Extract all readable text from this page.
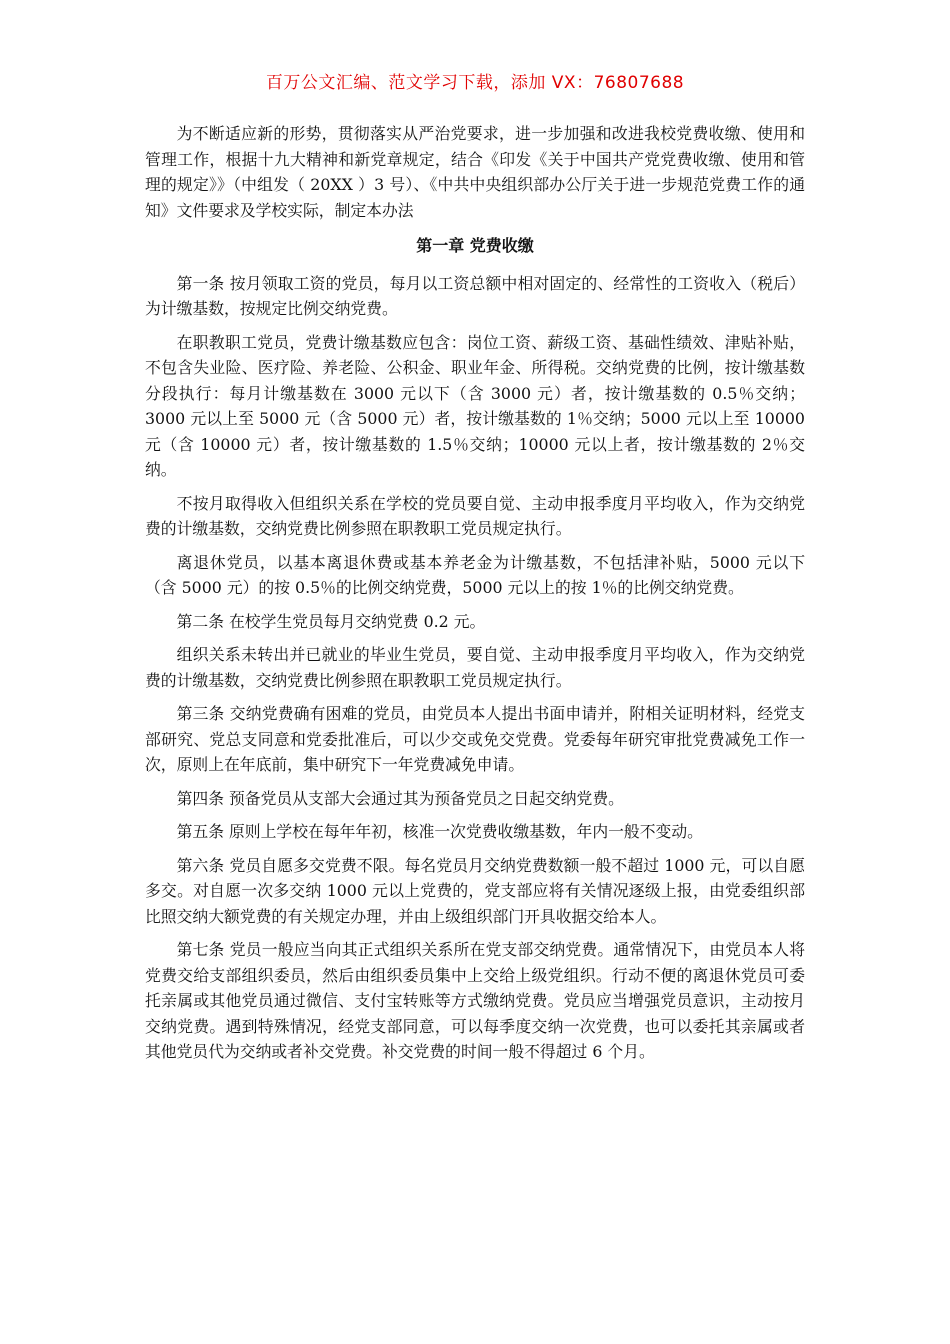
百万公文汇编、范文学习下载，添加 VX：76807688

为不断适应新的形势，贯彻落实从严治党要求，进一步加强和改进我校党费收缴、使用和管理工作，根据十九大精神和新党章规定，结合《印发《关于中国共产党党费收缴、使用和管理的规定》》（中组发（ 20XX ）3 号）、《中共中央组织部办公厅关于进一步规范党费工作的通知》文件要求及学校实际，制定本办法

第一章 党费收缴

第一条 按月领取工资的党员，每月以工资总额中相对固定的、经常性的工资收入（税后）为计缴基数，按规定比例交纳党费。

在职教职工党员，党费计缴基数应包含：岗位工资、薪级工资、基础性绩效、津贴补贴，不包含失业险、医疗险、养老险、公积金、职业年金、所得税。交纳党费的比例，按计缴基数分段执行：每月计缴基数在 3000 元以下（含 3000 元）者，按计缴基数的 0.5％交纳；3000 元以上至 5000 元（含 5000 元）者，按计缴基数的 1％交纳；5000 元以上至 10000 元（含 10000 元）者，按计缴基数的 1.5％交纳；10000 元以上者，按计缴基数的 2％交纳。

不按月取得收入但组织关系在学校的党员要自觉、主动申报季度月平均收入，作为交纳党费的计缴基数，交纳党费比例参照在职教职工党员规定执行。

离退休党员，以基本离退休费或基本养老金为计缴基数，不包括津补贴，5000 元以下（含 5000 元）的按 0.5％的比例交纳党费，5000 元以上的按 1％的比例交纳党费。

第二条 在校学生党员每月交纳党费 0.2 元。

组织关系未转出并已就业的毕业生党员，要自觉、主动申报季度月平均收入，作为交纳党费的计缴基数，交纳党费比例参照在职教职工党员规定执行。

第三条 交纳党费确有困难的党员，由党员本人提出书面申请并，附相关证明材料，经党支部研究、党总支同意和党委批准后，可以少交或免交党费。党委每年研究审批党费减免工作一次，原则上在年底前，集中研究下一年党费减免申请。

第四条 预备党员从支部大会通过其为预备党员之日起交纳党费。

第五条 原则上学校在每年年初，核准一次党费收缴基数，年内一般不变动。

第六条 党员自愿多交党费不限。每名党员月交纳党费数额一般不超过 1000 元，可以自愿多交。对自愿一次多交纳 1000 元以上党费的，党支部应将有关情况逐级上报，由党委组织部比照交纳大额党费的有关规定办理，并由上级组织部门开具收据交给本人。

第七条 党员一般应当向其正式组织关系所在党支部交纳党费。通常情况下，由党员本人将党费交给支部组织委员，然后由组织委员集中上交给上级党组织。行动不便的离退休党员可委托亲属或其他党员通过微信、支付宝转账等方式缴纳党费。党员应当增强党员意识，主动按月交纳党费。遇到特殊情况，经党支部同意，可以每季度交纳一次党费，也可以委托其亲属或者其他党员代为交纳或者补交党费。补交党费的时间一般不得超过 6 个月。
